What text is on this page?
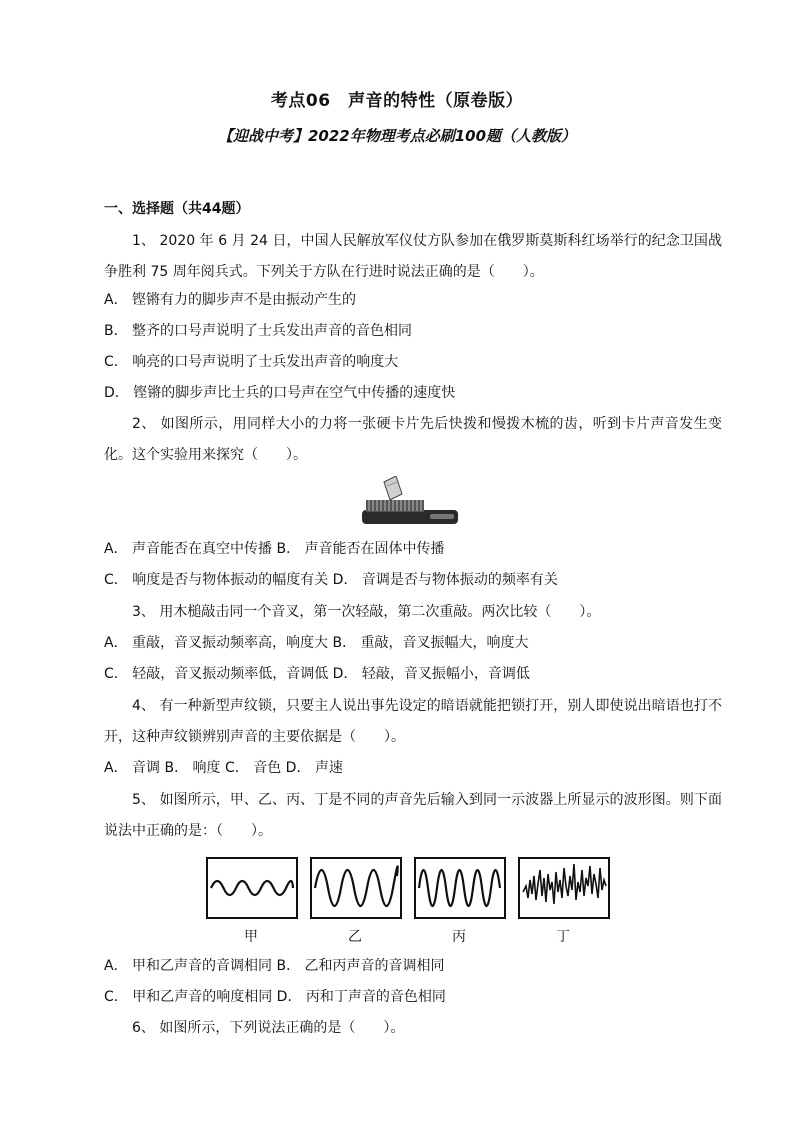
考点06　声音的特性（原卷版）
【迎战中考】2022年物理考点必刷100题（人教版）
一、选择题（共44题）
1、 2020 年 6 月 24 日，中国人民解放军仪仗方队参加在俄罗斯莫斯科红场举行的纪念卫国战争胜利 75 周年阅兵式。下列关于方队在行进时说法正确的是（　　）。
A． 铿锵有力的脚步声不是由振动产生的
B． 整齐的口号声说明了士兵发出声音的音色相同
C． 响亮的口号声说明了士兵发出声音的响度大
D． 铿锵的脚步声比士兵的口号声在空气中传播的速度快
2、 如图所示，用同样大小的力将一张硬卡片先后快拨和慢拨木梳的齿，听到卡片声音发生变化。这个实验用来探究（　　）。
A． 声音能否在真空中传播 B． 声音能否在固体中传播
C． 响度是否与物体振动的幅度有关 D． 音调是否与物体振动的频率有关
3、 用木槌敲击同一个音叉，第一次轻敲，第二次重敲。两次比较（　　）。
A． 重敲，音叉振动频率高，响度大 B． 重敲，音叉振幅大，响度大
C． 轻敲，音叉振动频率低，音调低 D． 轻敲，音叉振幅小，音调低
4、 有一种新型声纹锁，只要主人说出事先设定的暗语就能把锁打开，别人即使说出暗语也打不开，这种声纹锁辨别声音的主要依据是（　　）。
A． 音调 B． 响度 C． 音色 D． 声速
5、 如图所示，甲、乙、丙、丁是不同的声音先后输入到同一示波器上所显示的波形图。则下面说法中正确的是：（　　）。
甲	乙	丙	丁
A． 甲和乙声音的音调相同 B． 乙和丙声音的音调相同
C． 甲和乙声音的响度相同 D． 丙和丁声音的音色相同
6、 如图所示，下列说法正确的是（　　）。
